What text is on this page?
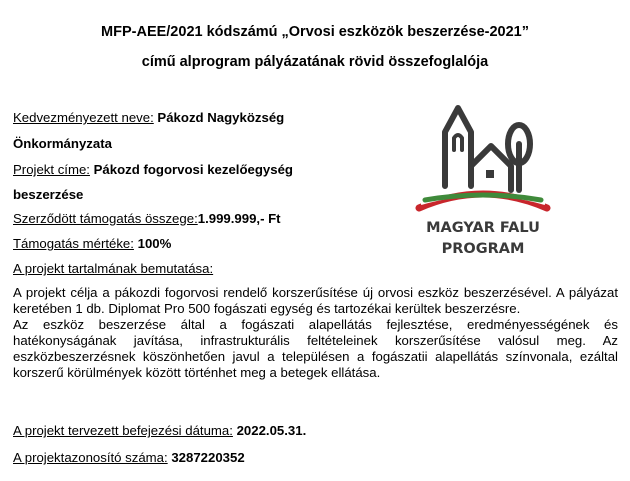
MFP-AEE/2021 kódszámú „Orvosi eszközök beszerzése-2021”
című alprogram pályázatának rövid összefoglalója
Kedvezményezett neve: Pákozd Nagyközség
Önkormányzata
Projekt címe: Pákozd fogorvosi kezelőegység
beszerzése
Szerződött támogatás összege:1.999.999,- Ft
Támogatás mértéke: 100%
A projekt tartalmának bemutatása:

A projekt célja a pákozdi fogorvosi rendelő korszerűsítése új orvosi eszköz beszerzésével. A pályázat keretében 1 db. Diplomat Pro 500 fogászati egység és tartozékai kerültek beszerzésre.

Az eszköz beszerzése által a fogászati alapellátás fejlesztése, eredményességének és hatékonyságának javítása, infrastrukturális feltételeinek korszerűsítése valósul meg. Az eszközbeszerzésnek köszönhetően javul a településen a fogászatii alapellátás színvonala, ezáltal korszerű körülmények között történhet meg a betegek ellátása.

A projekt tervezett befejezési dátuma: 2022.05.31.
A projektazonosító száma: 3287220352
MAGYAR FALU
PROGRAM
